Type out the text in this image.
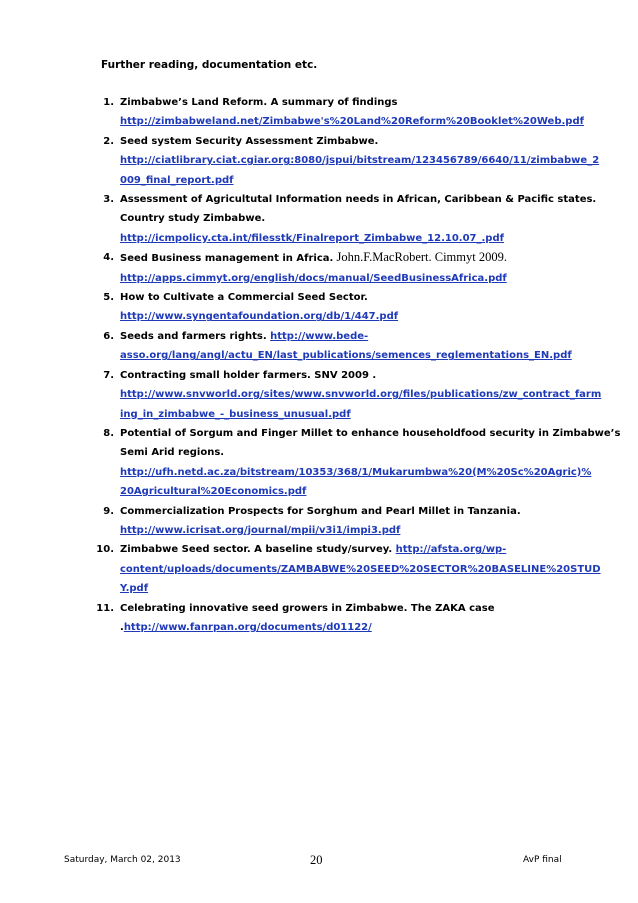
Further reading, documentation etc.
1. Zimbabwe’s Land Reform. A summary of findings
http://zimbabweland.net/Zimbabwe's%20Land%20Reform%20Booklet%20Web.pdf
2. Seed system Security Assessment Zimbabwe.
http://ciatlibrary.ciat.cgiar.org:8080/jspui/bitstream/123456789/6640/11/zimbabwe_2
009_final_report.pdf
3. Assessment of Agricultutal Information needs in African, Caribbean & Pacific states.
Country study Zimbabwe.
http://icmpolicy.cta.int/filesstk/Finalreport_Zimbabwe_12.10.07_.pdf
4. Seed Business management in Africa. John.F.MacRobert. Cimmyt 2009.
http://apps.cimmyt.org/english/docs/manual/SeedBusinessAfrica.pdf
5. How to Cultivate a Commercial Seed Sector.
http://www.syngentafoundation.org/db/1/447.pdf
6. Seeds and farmers rights. http://www.bede-
asso.org/lang/angl/actu_EN/last_publications/semences_reglementations_EN.pdf
7. Contracting small holder farmers. SNV 2009 .
http://www.snvworld.org/sites/www.snvworld.org/files/publications/zw_contract_farm
ing_in_zimbabwe_-_business_unusual.pdf
8. Potential of Sorgum and Finger Millet to enhance householdfood security in Zimbabwe’s
Semi Arid regions.
http://ufh.netd.ac.za/bitstream/10353/368/1/Mukarumbwa%20(M%20Sc%20Agric)%
20Agricultural%20Economics.pdf
9. Commercialization Prospects for Sorghum and Pearl Millet in Tanzania.
http://www.icrisat.org/journal/mpii/v3i1/impi3.pdf
10. Zimbabwe Seed sector. A baseline study/survey. http://afsta.org/wp-
content/uploads/documents/ZAMBABWE%20SEED%20SECTOR%20BASELINE%20STUD
Y.pdf
11. Celebrating innovative seed growers in Zimbabwe. The ZAKA case
.http://www.fanrpan.org/documents/d01122/
Saturday, March 02, 2013	20	AvP final
